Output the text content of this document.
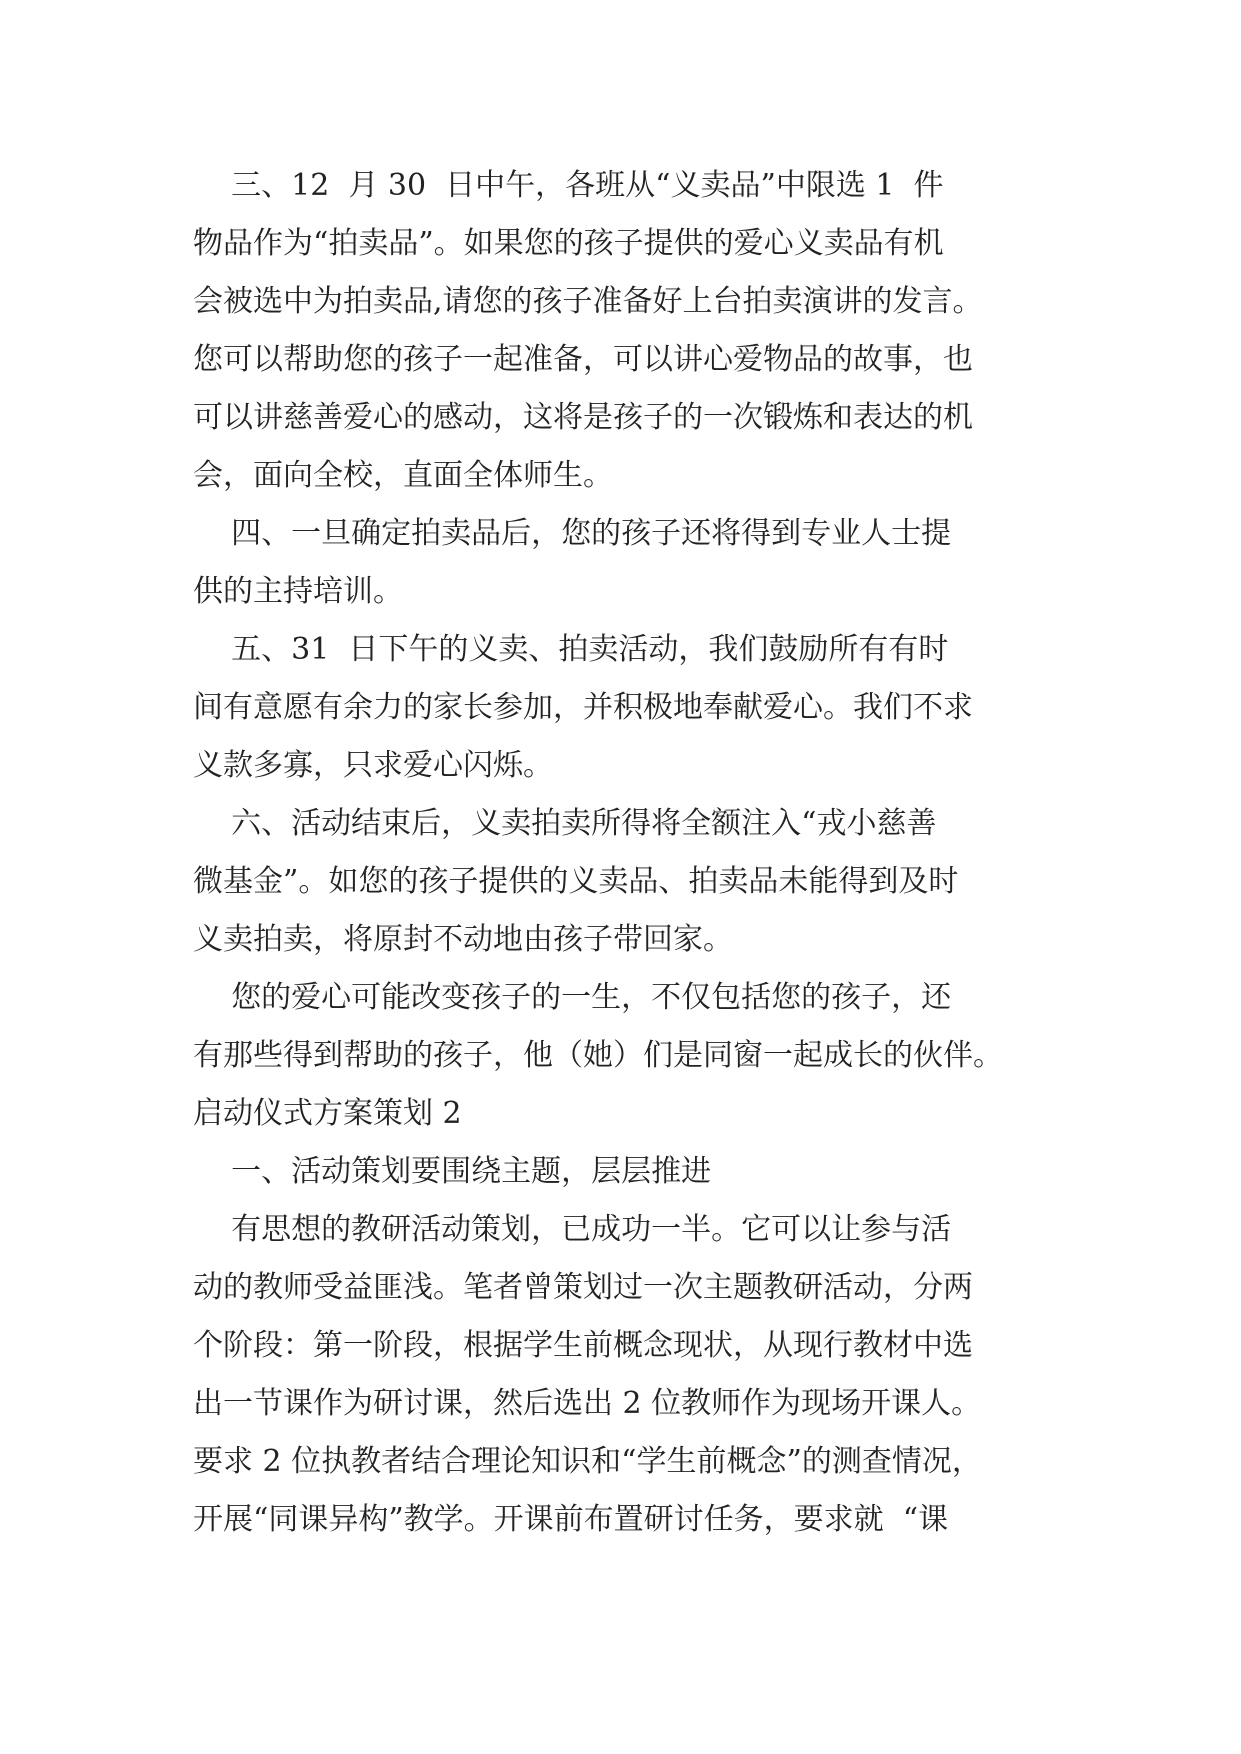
三、12  月 30  日中午，各班从“义卖品”中限选 1  件
物品作为“拍卖品”。如果您的孩子提供的爱心义卖品有机
会被选中为拍卖品,请您的孩子准备好上台拍卖演讲的发言。
您可以帮助您的孩子一起准备，可以讲心爱物品的故事，也
可以讲慈善爱心的感动，这将是孩子的一次锻炼和表达的机
会，面向全校，直面全体师生。
四、一旦确定拍卖品后，您的孩子还将得到专业人士提
供的主持培训。
五、31  日下午的义卖、拍卖活动，我们鼓励所有有时
间有意愿有余力的家长参加，并积极地奉献爱心。我们不求
义款多寡，只求爱心闪烁。
六、活动结束后，义卖拍卖所得将全额注入“戎小慈善
微基金”。如您的孩子提供的义卖品、拍卖品未能得到及时
义卖拍卖，将原封不动地由孩子带回家。
您的爱心可能改变孩子的一生，不仅包括您的孩子，还
有那些得到帮助的孩子，他（她）们是同窗一起成长的伙伴。
启动仪式方案策划 2
一、活动策划要围绕主题，层层推进
有思想的教研活动策划，已成功一半。它可以让参与活
动的教师受益匪浅。笔者曾策划过一次主题教研活动，分两
个阶段：第一阶段，根据学生前概念现状，从现行教材中选
出一节课作为研讨课，然后选出 2 位教师作为现场开课人。
要求 2 位执教者结合理论知识和“学生前概念”的测查情况，
开展“同课异构”教学。开课前布置研讨任务，要求就  “课
